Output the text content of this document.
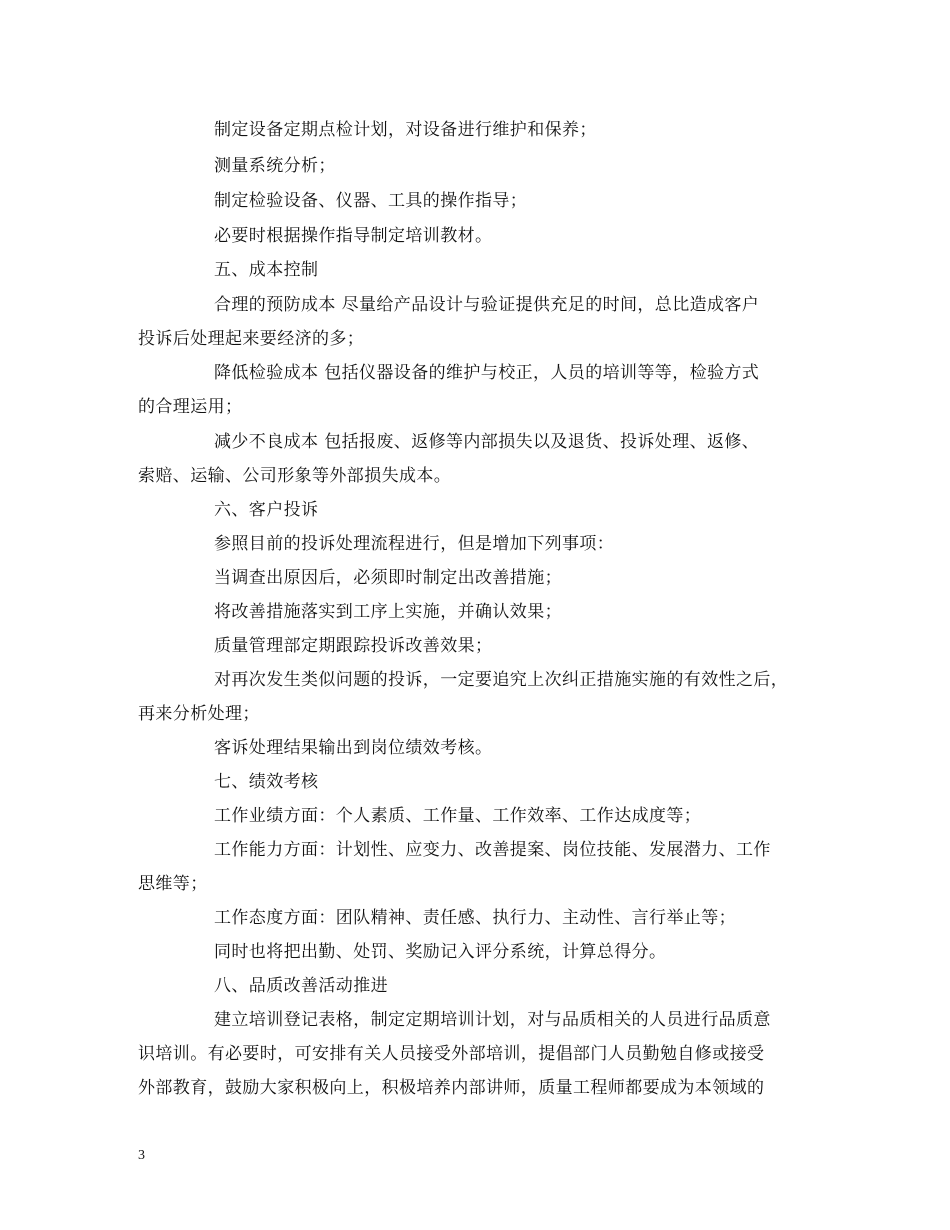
制定设备定期点检计划，对设备进行维护和保养；
测量系统分析；
制定检验设备、仪器、工具的操作指导；
必要时根据操作指导制定培训教材。
五、成本控制
合理的预防成本 尽量给产品设计与验证提供充足的时间，总比造成客户
投诉后处理起来要经济的多；
降低检验成本 包括仪器设备的维护与校正，人员的培训等等，检验方式
的合理运用；
减少不良成本 包括报废、返修等内部损失以及退货、投诉处理、返修、
索赔、运输、公司形象等外部损失成本。
六、客户投诉
参照目前的投诉处理流程进行，但是增加下列事项：
当调查出原因后，必须即时制定出改善措施；
将改善措施落实到工序上实施，并确认效果；
质量管理部定期跟踪投诉改善效果；
对再次发生类似问题的投诉，一定要追究上次纠正措施实施的有效性之后，
再来分析处理；
客诉处理结果输出到岗位绩效考核。
七、绩效考核
工作业绩方面：个人素质、工作量、工作效率、工作达成度等；
工作能力方面：计划性、应变力、改善提案、岗位技能、发展潜力、工作
思维等；
工作态度方面：团队精神、责任感、执行力、主动性、言行举止等；
同时也将把出勤、处罚、奖励记入评分系统，计算总得分。
八、品质改善活动推进
建立培训登记表格，制定定期培训计划，对与品质相关的人员进行品质意
识培训。有必要时，可安排有关人员接受外部培训，提倡部门人员勤勉自修或接受
外部教育，鼓励大家积极向上，积极培养内部讲师，质量工程师都要成为本领域的
3
